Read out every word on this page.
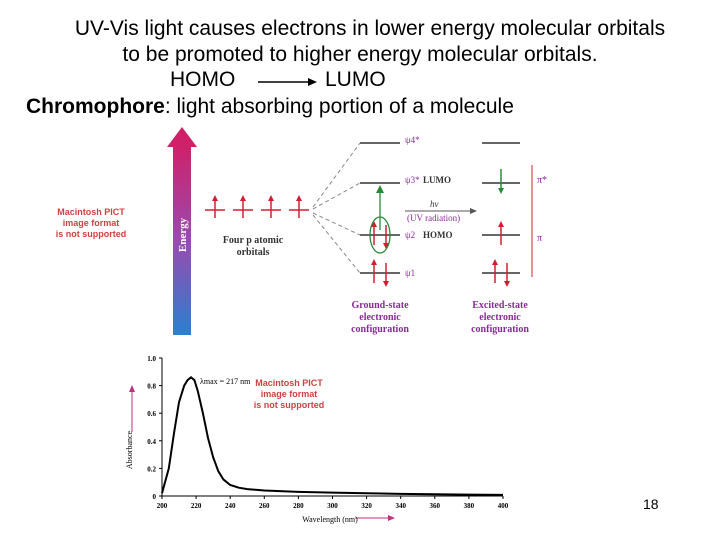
UV-Vis light causes electrons in lower energy molecular orbitals
to be promoted to higher energy molecular orbitals.
HOMO	LUMO
Chromophore: light absorbing portion of a molecule
Macintosh PICT
image format
is not supported	Energy	Four p atomic
orbitals
ψ4*
ψ3* LUMO
ψ2 HOMO
ψ1
hν
(UV radiation)
π*
π
Ground-state
electronic
configuration
Excited-state
electronic
configuration
200	220	240	260	280	300	320	340	360	380	400
0
0.2
0.4
0.6
0.8
1.0
Absorbance
Wavelength (nm)
λmax = 217 nm Macintosh PICT
image format
is not supported
18
